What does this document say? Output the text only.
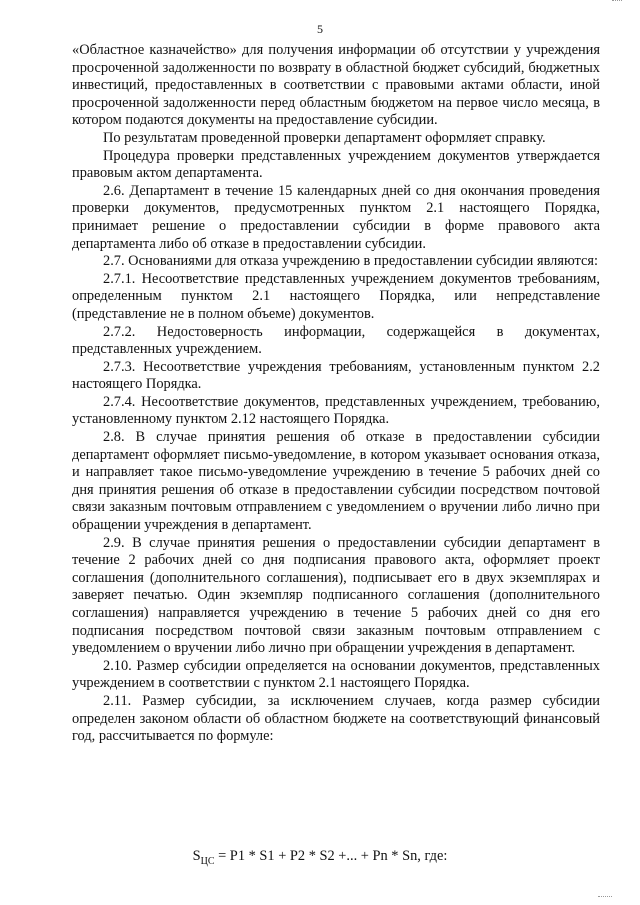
5

«Областное казначейство» для получения информации об отсутствии у учреждения просроченной задолженности по возврату в областной бюджет субсидий, бюджетных инвестиций, предоставленных в соответствии с правовыми актами области, иной просроченной задолженности перед областным бюджетом на первое число месяца, в котором подаются документы на предоставление субсидии.

По результатам проведенной проверки департамент оформляет справку.

Процедура проверки представленных учреждением документов утверждается правовым актом департамента.

2.6. Департамент в течение 15 календарных дней со дня окончания проведения проверки документов, предусмотренных пунктом 2.1 настоящего Порядка, принимает решение о предоставлении субсидии в форме правового акта департамента либо об отказе в предоставлении субсидии.

2.7. Основаниями для отказа учреждению в предоставлении субсидии являются:

2.7.1. Несоответствие представленных учреждением документов требованиям, определенным пунктом 2.1 настоящего Порядка, или непредставление (представление не в полном объеме) документов.

2.7.2. Недостоверность информации, содержащейся в документах, представленных учреждением.

2.7.3. Несоответствие учреждения требованиям, установленным пунктом 2.2 настоящего Порядка.

2.7.4. Несоответствие документов, представленных учреждением, требованию, установленному пунктом 2.12 настоящего Порядка.

2.8. В случае принятия решения об отказе в предоставлении субсидии департамент оформляет письмо-уведомление, в котором указывает основания отказа, и направляет такое письмо-уведомление учреждению в течение 5 рабочих дней со дня принятия решения об отказе в предоставлении субсидии посредством почтовой связи заказным почтовым отправлением с уведомлением о вручении либо лично при обращении учреждения в департамент.

2.9. В случае принятия решения о предоставлении субсидии департамент в течение 2 рабочих дней со дня подписания правового акта, оформляет проект соглашения (дополнительного соглашения), подписывает его в двух экземплярах и заверяет печатью. Один экземпляр подписанного соглашения (дополнительного соглашения) направляется учреждению в течение 5 рабочих дней со дня его подписания посредством почтовой связи заказным почтовым отправлением с уведомлением о вручении либо лично при обращении учреждения в департамент.

2.10. Размер субсидии определяется на основании документов, представленных учреждением в соответствии с пунктом 2.1 настоящего Порядка.

2.11. Размер субсидии, за исключением случаев, когда размер субсидии определен законом области об областном бюджете на соответствующий финансовый год, рассчитывается по формуле:

$S_{ЦС} = P1 * S1 + P2 * S2$ +... + Pn * Sn, где:
